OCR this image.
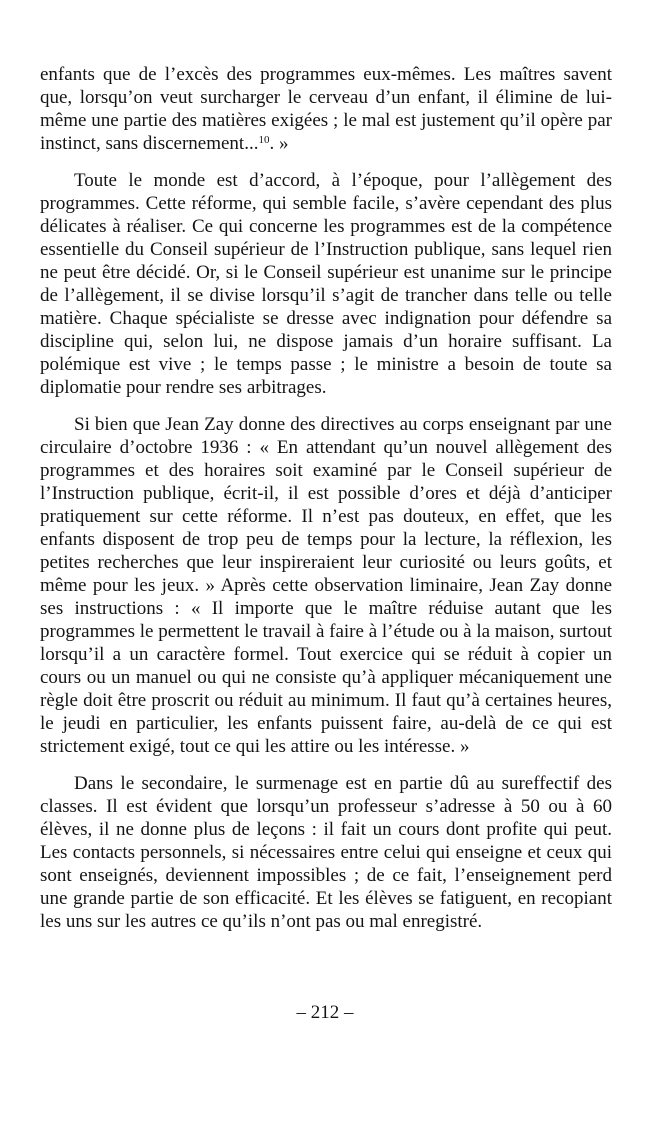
enfants que de l’excès des programmes eux-mêmes. Les maîtres savent que, lorsqu’on veut surcharger le cerveau d’un enfant, il élimine de lui-même une partie des matières exigées ; le mal est justement qu’il opère par instinct, sans discernement...$^{10}$. »

Toute le monde est d’accord, à l’époque, pour l’allègement des programmes. Cette réforme, qui semble facile, s’avère cependant des plus délicates à réaliser. Ce qui concerne les programmes est de la compétence essentielle du Conseil supérieur de l’Instruction publique, sans lequel rien ne peut être décidé. Or, si le Conseil supérieur est unanime sur le principe de l’allègement, il se divise lorsqu’il s’agit de trancher dans telle ou telle matière. Chaque spécialiste se dresse avec indignation pour défendre sa discipline qui, selon lui, ne dispose jamais d’un horaire suffisant. La polémique est vive ; le temps passe ; le ministre a besoin de toute sa diplomatie pour rendre ses arbitrages.

Si bien que Jean Zay donne des directives au corps enseignant par une circulaire d’octobre 1936 : « En attendant qu’un nouvel allègement des programmes et des horaires soit examiné par le Conseil supérieur de l’Instruction publique, écrit-il, il est possible d’ores et déjà d’anticiper pratiquement sur cette réforme. Il n’est pas douteux, en effet, que les enfants disposent de trop peu de temps pour la lecture, la réflexion, les petites recherches que leur inspireraient leur curiosité ou leurs goûts, et même pour les jeux. » Après cette observation liminaire, Jean Zay donne ses instructions : « Il importe que le maître réduise autant que les programmes le permettent le travail à faire à l’étude ou à la maison, surtout lorsqu’il a un caractère formel. Tout exercice qui se réduit à copier un cours ou un manuel ou qui ne consiste qu’à appliquer mécaniquement une règle doit être proscrit ou réduit au minimum. Il faut qu’à certaines heures, le jeudi en particulier, les enfants puissent faire, au-delà de ce qui est strictement exigé, tout ce qui les attire ou les intéresse. »

Dans le secondaire, le surmenage est en partie dû au sureffectif des classes. Il est évident que lorsqu’un professeur s’adresse à 50 ou à 60 élèves, il ne donne plus de leçons : il fait un cours dont profite qui peut. Les contacts personnels, si nécessaires entre celui qui enseigne et ceux qui sont enseignés, deviennent impossibles ; de ce fait, l’enseignement perd une grande partie de son efficacité. Et les élèves se fatiguent, en recopiant les uns sur les autres ce qu’ils n’ont pas ou mal enregistré.

– 212 –
